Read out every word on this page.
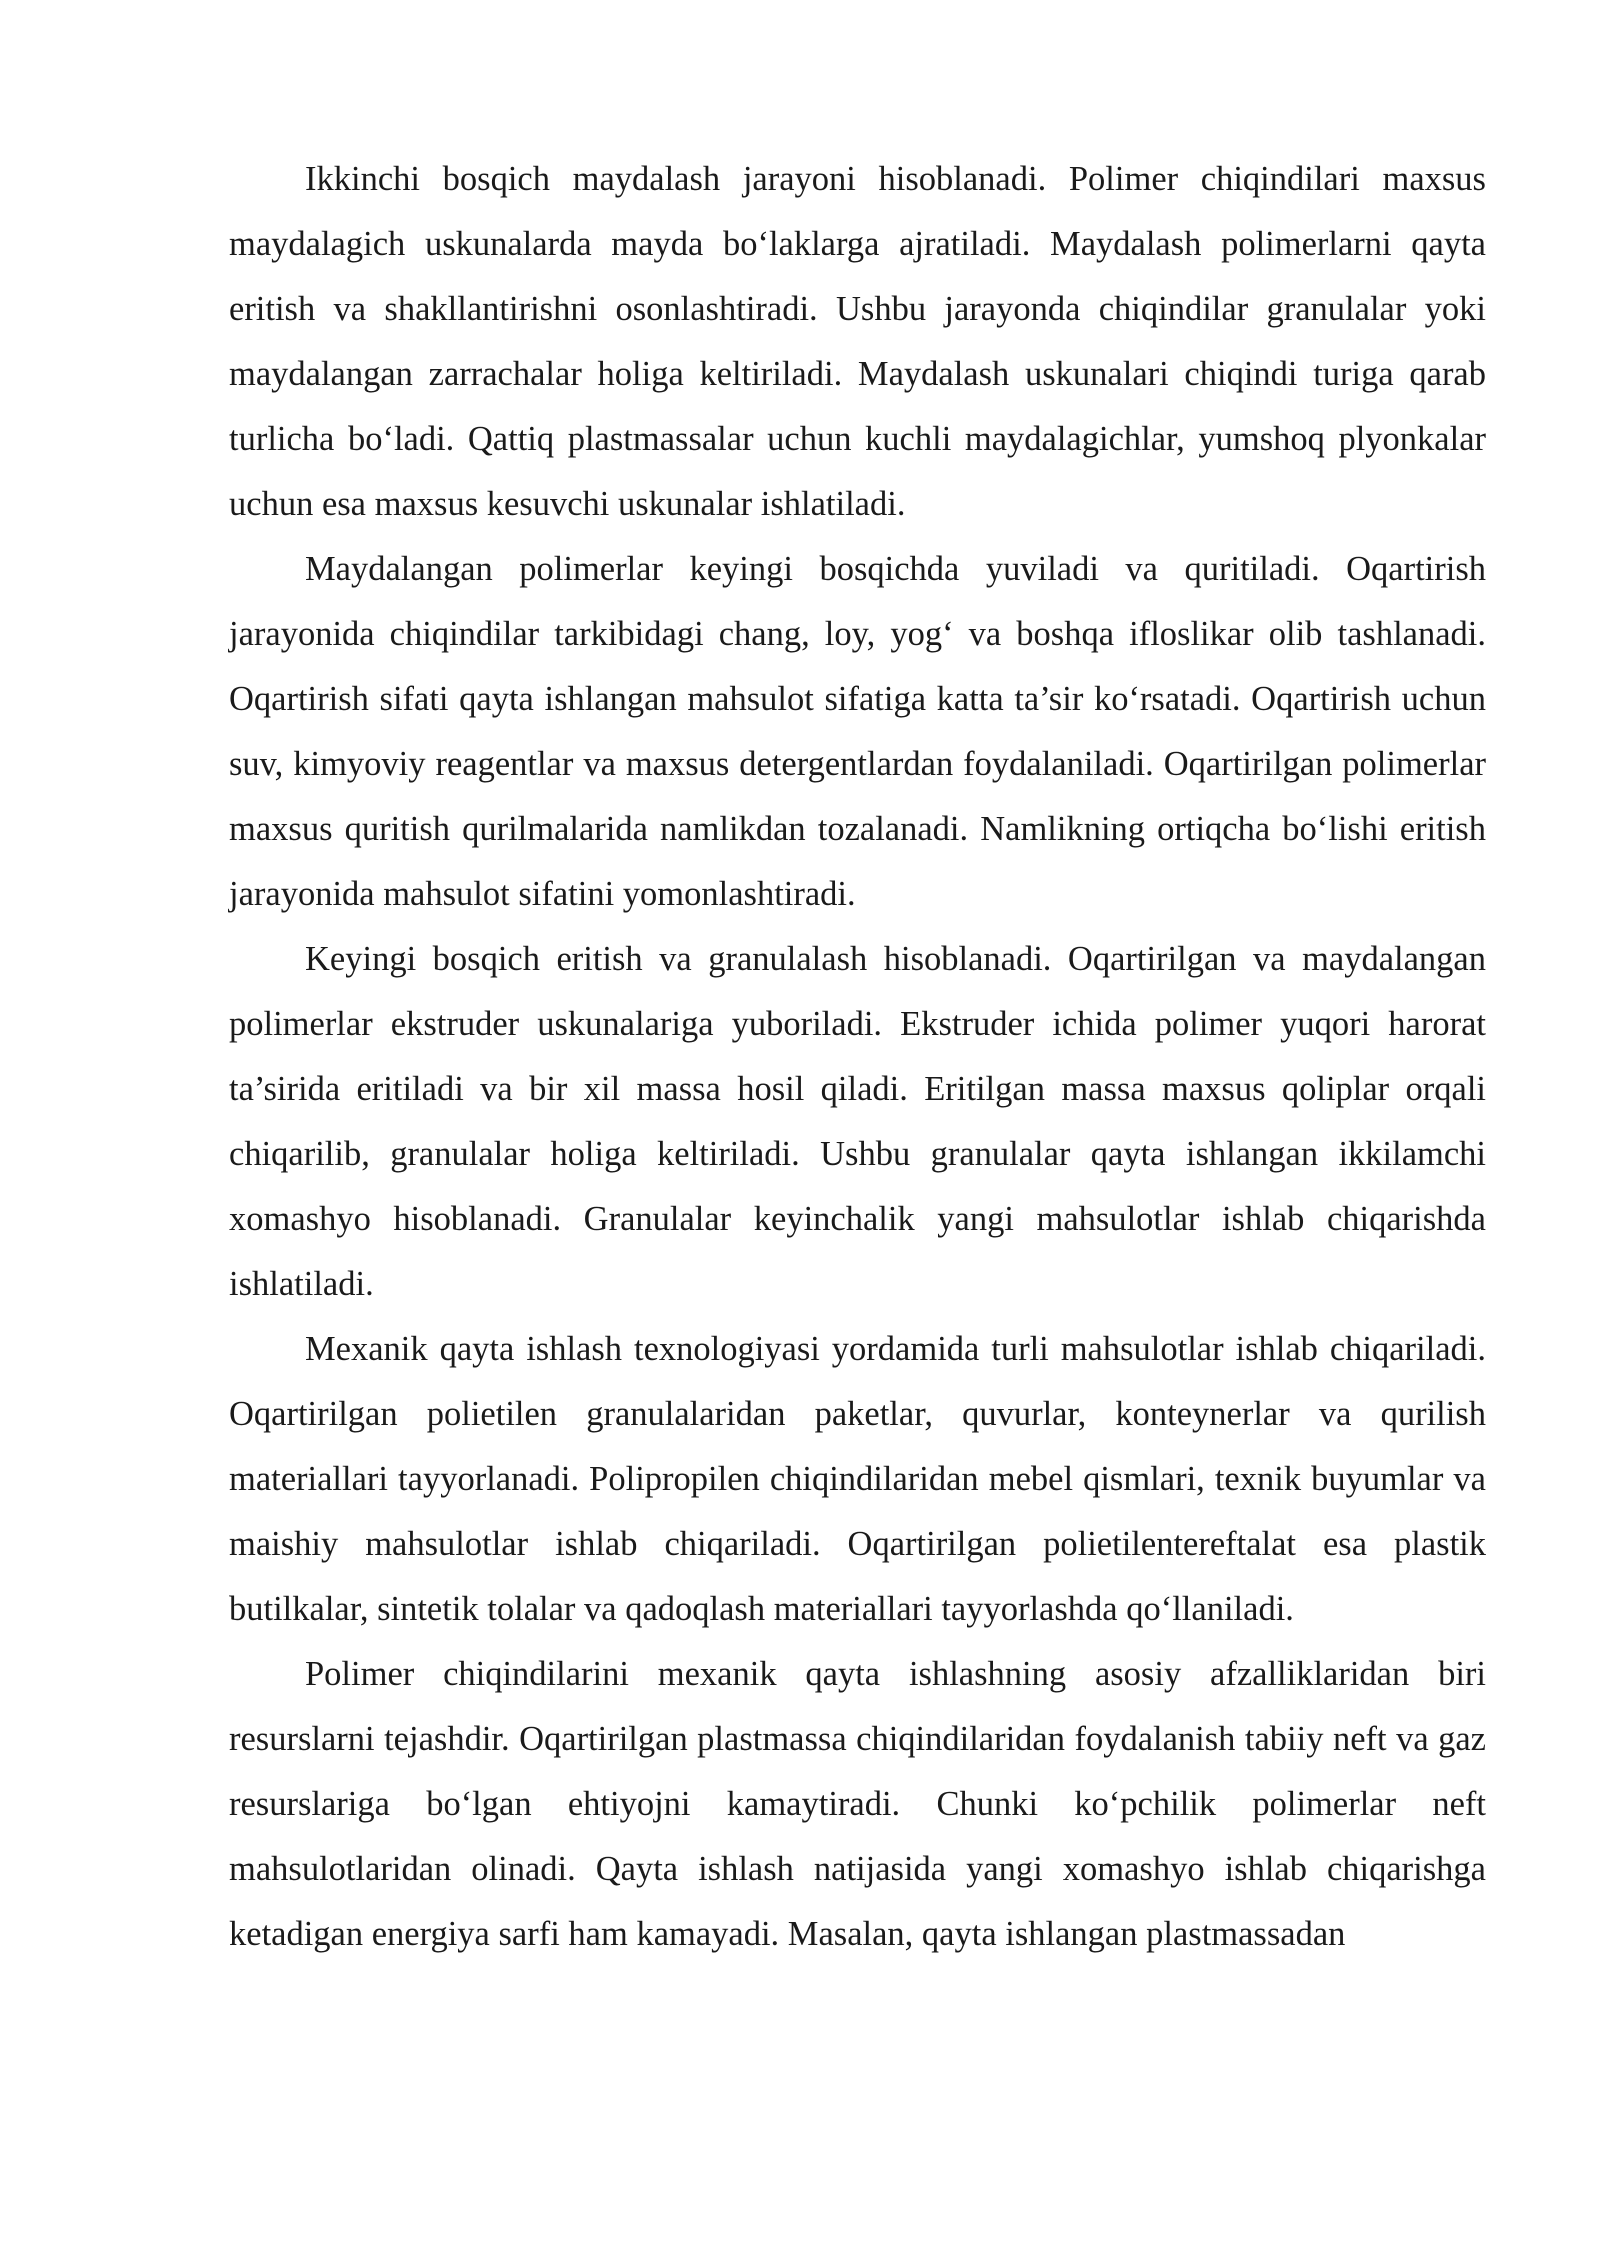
Ikkinchi bosqich maydalash jarayoni hisoblanadi. Polimer chiqindilari maxsus maydalagich uskunalarda mayda bo‘laklarga ajratiladi. Maydalash polimerlarni qayta eritish va shakllantirishni osonlashtiradi. Ushbu jarayonda chiqindilar granulalar yoki maydalangan zarrachalar holiga keltiriladi. Maydalash uskunalari chiqindi turiga qarab turlicha bo‘ladi. Qattiq plastmassalar uchun kuchli maydalagichlar, yumshoq plyonkalar uchun esa maxsus kesuvchi uskunalar ishlatiladi.

Maydalangan polimerlar keyingi bosqichda yuviladi va quritiladi. Oqartirish jarayonida chiqindilar tarkibidagi chang, loy, yog‘ va boshqa ifloslikar olib tashlanadi. Oqartirish sifati qayta ishlangan mahsulot sifatiga katta ta’sir ko‘rsatadi. Oqartirish uchun suv, kimyoviy reagentlar va maxsus detergentlardan foydalaniladi. Oqartirilgan polimerlar maxsus quritish qurilmalarida namlikdan tozalanadi. Namlikning ortiqcha bo‘lishi eritish jarayonida mahsulot sifatini yomonlashtiradi.

Keyingi bosqich eritish va granulalash hisoblanadi. Oqartirilgan va maydalangan polimerlar ekstruder uskunalariga yuboriladi. Ekstruder ichida polimer yuqori harorat ta’sirida eritiladi va bir xil massa hosil qiladi. Eritilgan massa maxsus qoliplar orqali chiqarilib, granulalar holiga keltiriladi. Ushbu granulalar qayta ishlangan ikkilamchi xomashyo hisoblanadi. Granulalar keyinchalik yangi mahsulotlar ishlab chiqarishda ishlatiladi.

Mexanik qayta ishlash texnologiyasi yordamida turli mahsulotlar ishlab chiqariladi. Oqartirilgan polietilen granulalaridan paketlar, quvurlar, konteynerlar va qurilish materiallari tayyorlanadi. Polipropilen chiqindilaridan mebel qismlari, texnik buyumlar va maishiy mahsulotlar ishlab chiqariladi. Oqartirilgan polietilentereftalat esa plastik butilkalar, sintetik tolalar va qadoqlash materiallari tayyorlashda qo‘llaniladi.

Polimer chiqindilarini mexanik qayta ishlashning asosiy afzalliklaridan biri resurslarni tejashdir. Oqartirilgan plastmassa chiqindilaridan foydalanish tabiiy neft va gaz resurslariga bo‘lgan ehtiyojni kamaytiradi. Chunki ko‘pchilik polimerlar neft mahsulotlaridan olinadi. Qayta ishlash natijasida yangi xomashyo ishlab chiqarishga ketadigan energiya sarfi ham kamayadi. Masalan, qayta ishlangan plastmassadan
